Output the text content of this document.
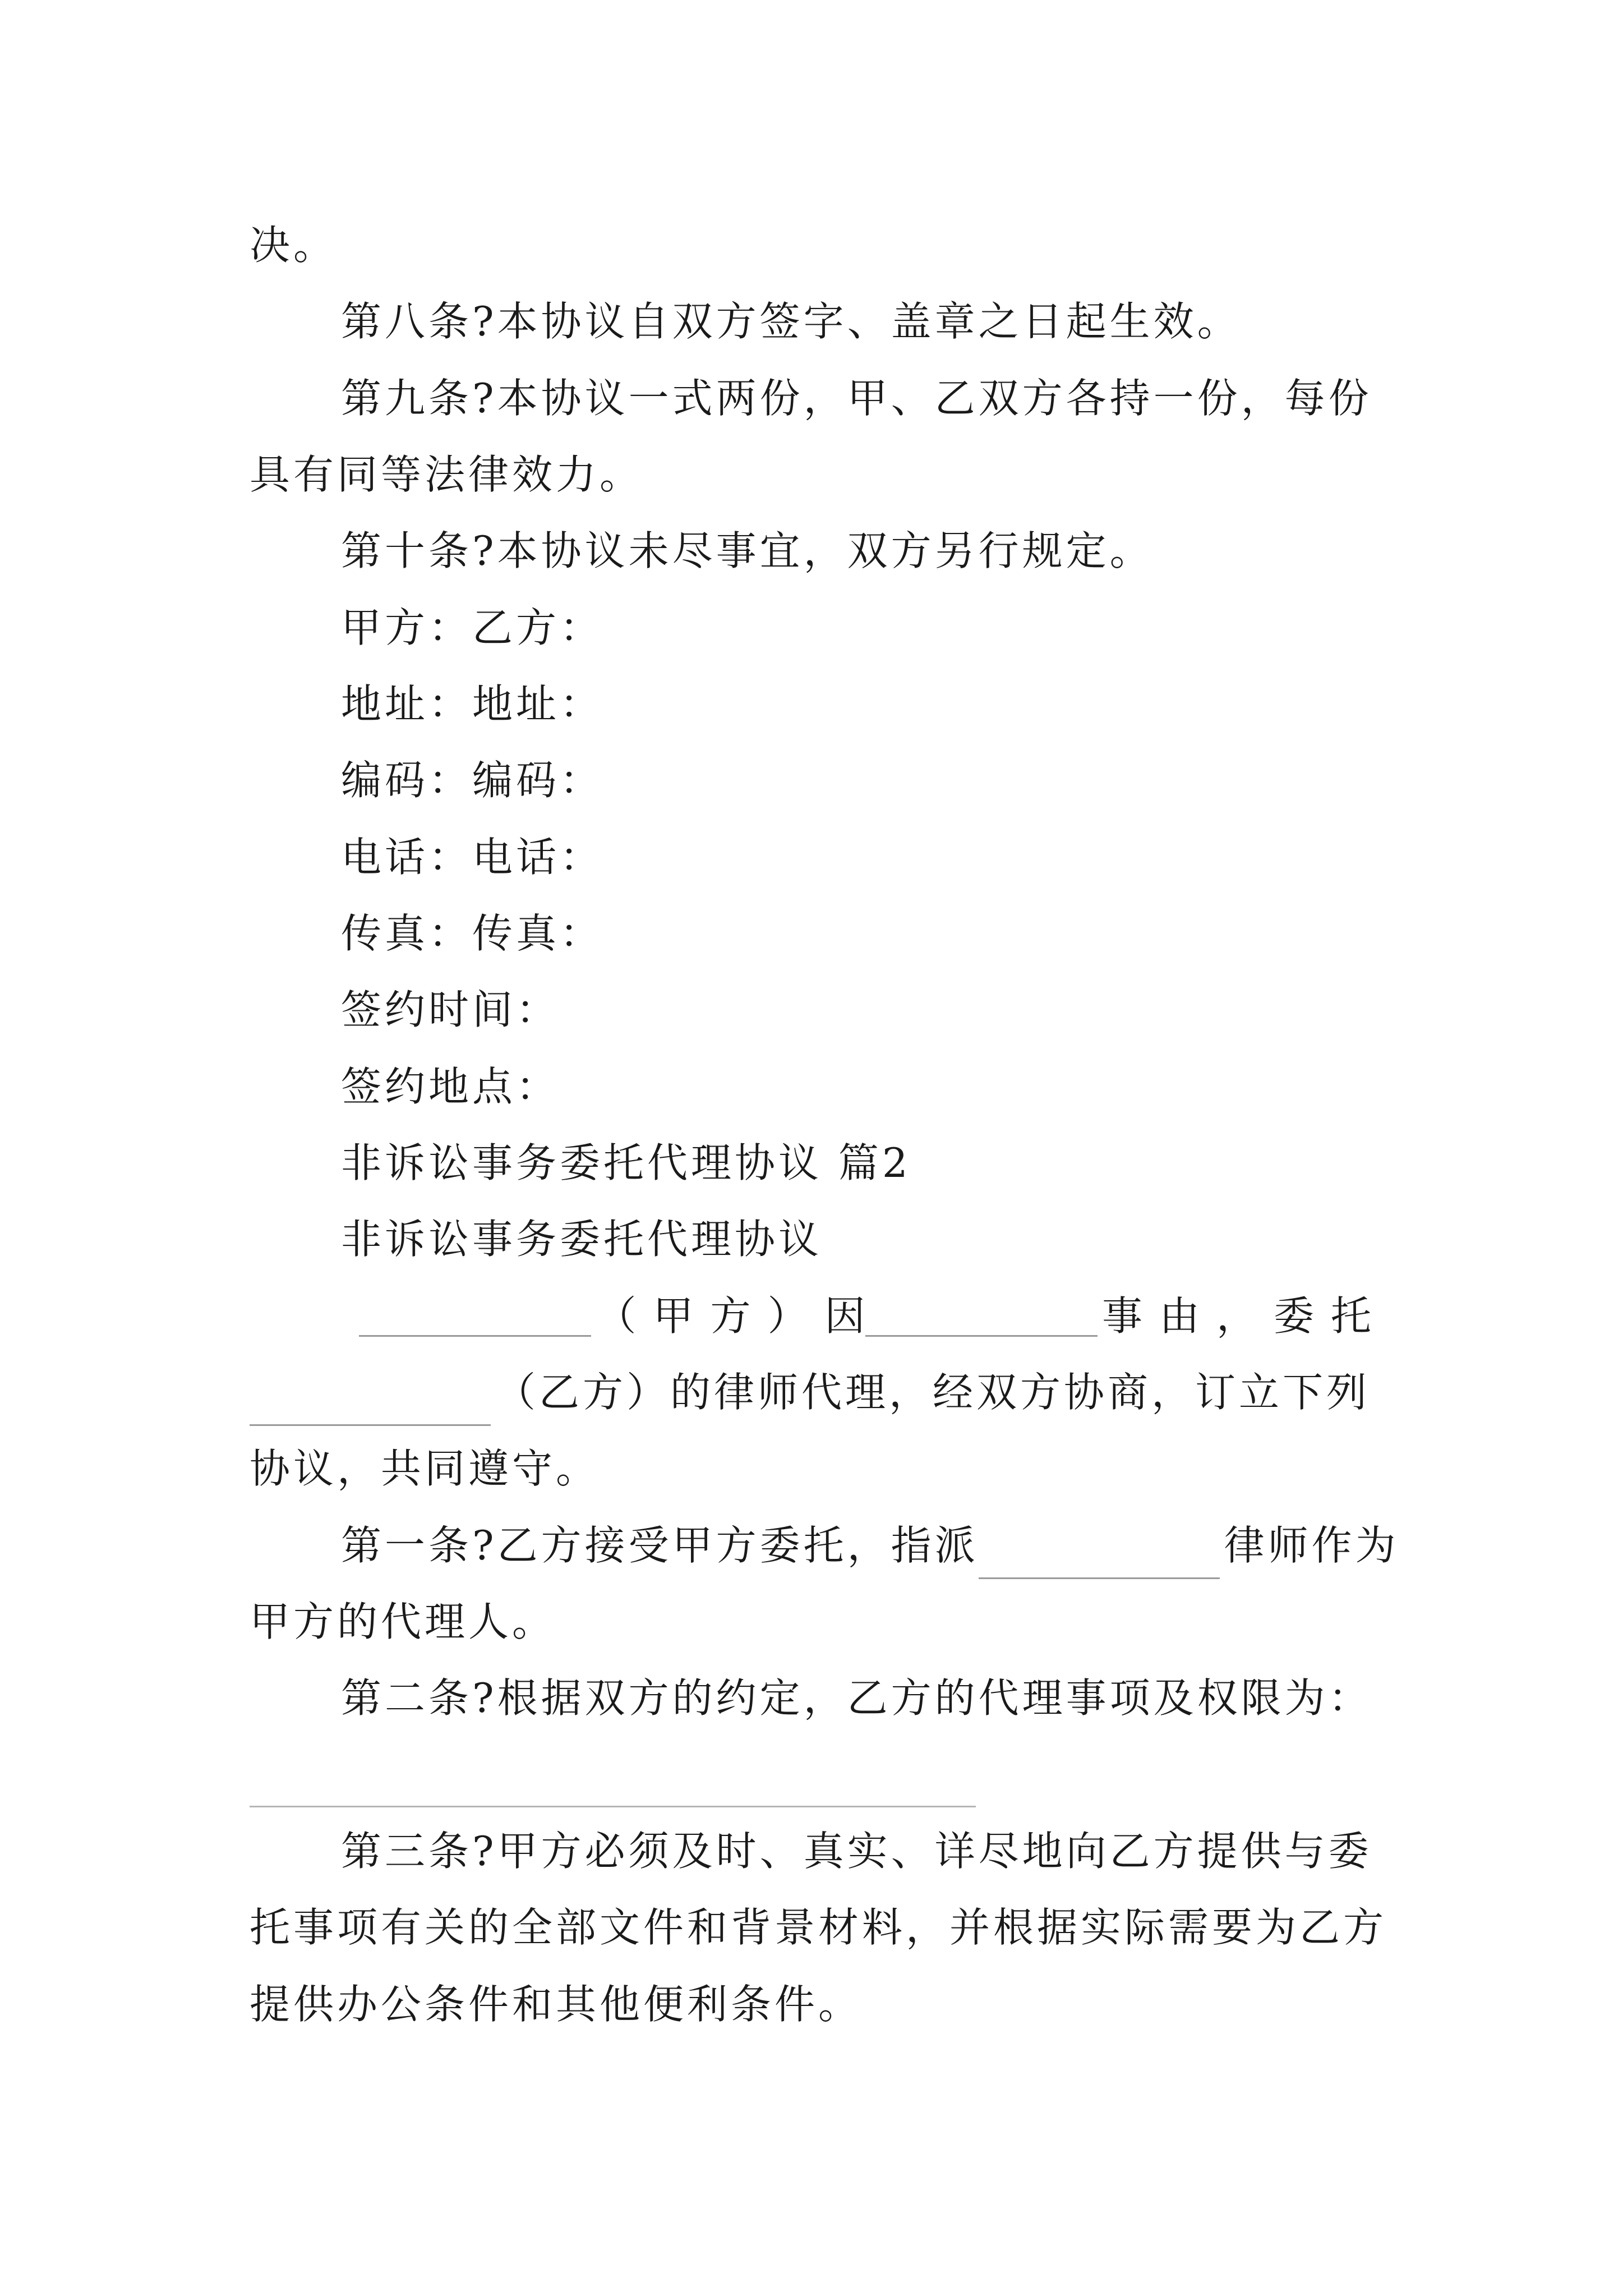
决。
第八条?本协议自双方签字、盖章之日起生效。
第九条?本协议一式两份，甲、乙双方各持一份，每份
具有同等法律效力。
第十条?本协议未尽事宜，双方另行规定。
甲方：乙方：
地址：地址：
编码：编码：
电话：电话：
传真：传真：
签约时间：
签约地点：
非诉讼事务委托代理协议 篇2
非诉讼事务委托代理协议
（甲方） 因	事由， 委托
（乙方）的律师代理，经双方协商，订立下列
协议，共同遵守。
第一条?乙方接受甲方委托，指派	律师作为
甲方的代理人。
第二条?根据双方的约定，乙方的代理事项及权限为：
第三条?甲方必须及时、真实、详尽地向乙方提供与委
托事项有关的全部文件和背景材料，并根据实际需要为乙方
提供办公条件和其他便利条件。
